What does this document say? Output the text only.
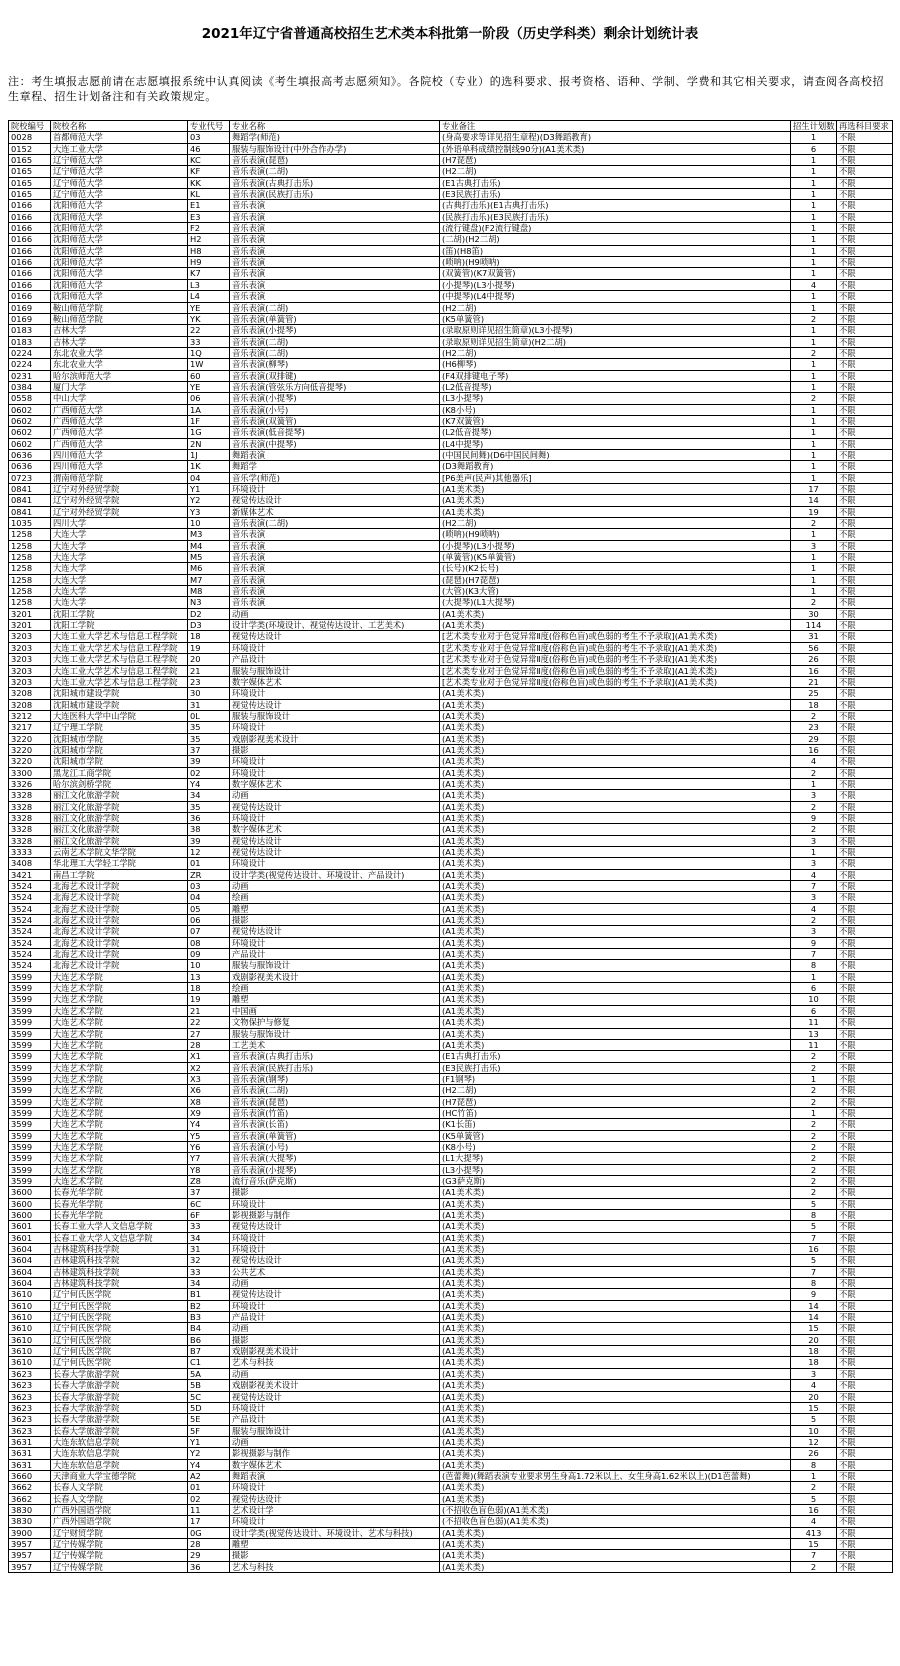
2021年辽宁省普通高校招生艺术类本科批第一阶段（历史学科类）剩余计划统计表
注：考生填报志愿前请在志愿填报系统中认真阅读《考生填报高考志愿须知》。各院校（专业）的选科要求、报考资格、语种、学制、学费和其它相关要求，请查阅各高校招生章程、招生计划备注和有关政策规定。
院校编号	院校名称	专业代号	专业名称	专业备注	招生计划数	再选科目要求
0028	首都师范大学	03	舞蹈学(师范)	(身高要求等详见招生章程)(D3舞蹈教育)	1	不限
0152	大连工业大学	46	服装与服饰设计(中外合作办学)	(外语单科成绩控制线90分)(A1美术类)	6	不限
0165	辽宁师范大学	KC	音乐表演(琵琶)	(H7琵琶)	1	不限
0165	辽宁师范大学	KF	音乐表演(二胡)	(H2二胡)	1	不限
0165	辽宁师范大学	KK	音乐表演(古典打击乐)	(E1古典打击乐)	1	不限
0165	辽宁师范大学	KL	音乐表演(民族打击乐)	(E3民族打击乐)	1	不限
0166	沈阳师范大学	E1	音乐表演	(古典打击乐)(E1古典打击乐)	1	不限
0166	沈阳师范大学	E3	音乐表演	(民族打击乐)(E3民族打击乐)	1	不限
0166	沈阳师范大学	F2	音乐表演	(流行键盘)(F2流行键盘)	1	不限
0166	沈阳师范大学	H2	音乐表演	(二胡)(H2二胡)	1	不限
0166	沈阳师范大学	H8	音乐表演	(笛)(H8笛)	1	不限
0166	沈阳师范大学	H9	音乐表演	(唢呐)(H9唢呐)	1	不限
0166	沈阳师范大学	K7	音乐表演	(双簧管)(K7双簧管)	1	不限
0166	沈阳师范大学	L3	音乐表演	(小提琴)(L3小提琴)	4	不限
0166	沈阳师范大学	L4	音乐表演	(中提琴)(L4中提琴)	1	不限
0169	鞍山师范学院	YE	音乐表演(二胡)	(H2二胡)	1	不限
0169	鞍山师范学院	YK	音乐表演(单簧管)	(K5单簧管)	2	不限
0183	吉林大学	22	音乐表演(小提琴)	(录取原则详见招生简章)(L3小提琴)	1	不限
0183	吉林大学	33	音乐表演(二胡)	(录取原则详见招生简章)(H2二胡)	1	不限
0224	东北农业大学	1Q	音乐表演(二胡)	(H2二胡)	2	不限
0224	东北农业大学	1W	音乐表演(柳琴)	(H6柳琴)	1	不限
0231	哈尔滨师范大学	60	音乐表演(双排键)	(F4双排键电子琴)	1	不限
0384	厦门大学	YE	音乐表演(管弦乐方向低音提琴)	(L2低音提琴)	1	不限
0558	中山大学	06	音乐表演(小提琴)	(L3小提琴)	2	不限
0602	广西师范大学	1A	音乐表演(小号)	(K8小号)	1	不限
0602	广西师范大学	1F	音乐表演(双簧管)	(K7双簧管)	1	不限
0602	广西师范大学	1G	音乐表演(低音提琴)	(L2低音提琴)	1	不限
0602	广西师范大学	2N	音乐表演(中提琴)	(L4中提琴)	1	不限
0636	四川师范大学	1J	舞蹈表演	(中国民间舞)(D6中国民间舞)	1	不限
0636	四川师范大学	1K	舞蹈学	(D3舞蹈教育)	1	不限
0723	渭南师范学院	04	音乐学(师范)	[P6美声(民声)其他器乐]	1	不限
0841	辽宁对外经贸学院	Y1	环境设计	(A1美术类)	17	不限
0841	辽宁对外经贸学院	Y2	视觉传达设计	(A1美术类)	14	不限
0841	辽宁对外经贸学院	Y3	新媒体艺术	(A1美术类)	19	不限
1035	四川大学	10	音乐表演(二胡)	(H2二胡)	2	不限
1258	大连大学	M3	音乐表演	(唢呐)(H9唢呐)	1	不限
1258	大连大学	M4	音乐表演	(小提琴)(L3小提琴)	3	不限
1258	大连大学	M5	音乐表演	(单簧管)(K5单簧管)	1	不限
1258	大连大学	M6	音乐表演	(长号)(K2长号)	1	不限
1258	大连大学	M7	音乐表演	(琵琶)(H7琵琶)	1	不限
1258	大连大学	M8	音乐表演	(大管)(K3大管)	1	不限
1258	大连大学	N3	音乐表演	(大提琴)(L1大提琴)	2	不限
3201	沈阳工学院	D2	动画	(A1美术类)	30	不限
3201	沈阳工学院	D3	设计学类(环境设计、视觉传达设计、工艺美术)	(A1美术类)	114	不限
3203	大连工业大学艺术与信息工程学院	18	视觉传达设计	[艺术类专业对于色觉异常Ⅱ度(俗称色盲)或色弱的考生不予录取](A1美术类)	31	不限
3203	大连工业大学艺术与信息工程学院	19	环境设计	[艺术类专业对于色觉异常Ⅱ度(俗称色盲)或色弱的考生不予录取](A1美术类)	56	不限
3203	大连工业大学艺术与信息工程学院	20	产品设计	[艺术类专业对于色觉异常Ⅱ度(俗称色盲)或色弱的考生不予录取](A1美术类)	26	不限
3203	大连工业大学艺术与信息工程学院	21	服装与服饰设计	[艺术类专业对于色觉异常Ⅱ度(俗称色盲)或色弱的考生不予录取](A1美术类)	16	不限
3203	大连工业大学艺术与信息工程学院	23	数字媒体艺术	[艺术类专业对于色觉异常Ⅱ度(俗称色盲)或色弱的考生不予录取](A1美术类)	21	不限
3208	沈阳城市建设学院	30	环境设计	(A1美术类)	25	不限
3208	沈阳城市建设学院	31	视觉传达设计	(A1美术类)	18	不限
3212	大连医科大学中山学院	0L	服装与服饰设计	(A1美术类)	2	不限
3217	辽宁理工学院	35	环境设计	(A1美术类)	23	不限
3220	沈阳城市学院	35	戏剧影视美术设计	(A1美术类)	29	不限
3220	沈阳城市学院	37	摄影	(A1美术类)	16	不限
3220	沈阳城市学院	39	环境设计	(A1美术类)	4	不限
3300	黑龙江工商学院	02	环境设计	(A1美术类)	2	不限
3326	哈尔滨剑桥学院	Y4	数字媒体艺术	(A1美术类)	1	不限
3328	丽江文化旅游学院	34	动画	(A1美术类)	3	不限
3328	丽江文化旅游学院	35	视觉传达设计	(A1美术类)	2	不限
3328	丽江文化旅游学院	36	环境设计	(A1美术类)	9	不限
3328	丽江文化旅游学院	38	数字媒体艺术	(A1美术类)	2	不限
3328	丽江文化旅游学院	39	视觉传达设计	(A1美术类)	3	不限
3333	云南艺术学院文华学院	12	视觉传达设计	(A1美术类)	1	不限
3408	华北理工大学轻工学院	01	环境设计	(A1美术类)	3	不限
3421	南昌工学院	ZR	设计学类(视觉传达设计、环境设计、产品设计)	(A1美术类)	4	不限
3524	北海艺术设计学院	03	动画	(A1美术类)	7	不限
3524	北海艺术设计学院	04	绘画	(A1美术类)	3	不限
3524	北海艺术设计学院	05	雕塑	(A1美术类)	4	不限
3524	北海艺术设计学院	06	摄影	(A1美术类)	2	不限
3524	北海艺术设计学院	07	视觉传达设计	(A1美术类)	3	不限
3524	北海艺术设计学院	08	环境设计	(A1美术类)	9	不限
3524	北海艺术设计学院	09	产品设计	(A1美术类)	7	不限
3524	北海艺术设计学院	10	服装与服饰设计	(A1美术类)	8	不限
3599	大连艺术学院	13	戏剧影视美术设计	(A1美术类)	1	不限
3599	大连艺术学院	18	绘画	(A1美术类)	6	不限
3599	大连艺术学院	19	雕塑	(A1美术类)	10	不限
3599	大连艺术学院	21	中国画	(A1美术类)	6	不限
3599	大连艺术学院	22	文物保护与修复	(A1美术类)	11	不限
3599	大连艺术学院	27	服装与服饰设计	(A1美术类)	13	不限
3599	大连艺术学院	28	工艺美术	(A1美术类)	11	不限
3599	大连艺术学院	X1	音乐表演(古典打击乐)	(E1古典打击乐)	2	不限
3599	大连艺术学院	X2	音乐表演(民族打击乐)	(E3民族打击乐)	2	不限
3599	大连艺术学院	X3	音乐表演(钢琴)	(F1钢琴)	1	不限
3599	大连艺术学院	X6	音乐表演(二胡)	(H2二胡)	2	不限
3599	大连艺术学院	X8	音乐表演(琵琶)	(H7琵琶)	2	不限
3599	大连艺术学院	X9	音乐表演(竹笛)	(HC竹笛)	1	不限
3599	大连艺术学院	Y4	音乐表演(长笛)	(K1长笛)	2	不限
3599	大连艺术学院	Y5	音乐表演(单簧管)	(K5单簧管)	2	不限
3599	大连艺术学院	Y6	音乐表演(小号)	(K8小号)	2	不限
3599	大连艺术学院	Y7	音乐表演(大提琴)	(L1大提琴)	2	不限
3599	大连艺术学院	Y8	音乐表演(小提琴)	(L3小提琴)	2	不限
3599	大连艺术学院	Z8	流行音乐(萨克斯)	(G3萨克斯)	2	不限
3600	长春光华学院	37	摄影	(A1美术类)	2	不限
3600	长春光华学院	6C	环境设计	(A1美术类)	5	不限
3600	长春光华学院	6F	影视摄影与制作	(A1美术类)	8	不限
3601	长春工业大学人文信息学院	33	视觉传达设计	(A1美术类)	5	不限
3601	长春工业大学人文信息学院	34	环境设计	(A1美术类)	7	不限
3604	吉林建筑科技学院	31	环境设计	(A1美术类)	16	不限
3604	吉林建筑科技学院	32	视觉传达设计	(A1美术类)	5	不限
3604	吉林建筑科技学院	33	公共艺术	(A1美术类)	7	不限
3604	吉林建筑科技学院	34	动画	(A1美术类)	8	不限
3610	辽宁何氏医学院	B1	视觉传达设计	(A1美术类)	9	不限
3610	辽宁何氏医学院	B2	环境设计	(A1美术类)	14	不限
3610	辽宁何氏医学院	B3	产品设计	(A1美术类)	14	不限
3610	辽宁何氏医学院	B4	动画	(A1美术类)	15	不限
3610	辽宁何氏医学院	B6	摄影	(A1美术类)	20	不限
3610	辽宁何氏医学院	B7	戏剧影视美术设计	(A1美术类)	18	不限
3610	辽宁何氏医学院	C1	艺术与科技	(A1美术类)	18	不限
3623	长春大学旅游学院	5A	动画	(A1美术类)	3	不限
3623	长春大学旅游学院	5B	戏剧影视美术设计	(A1美术类)	4	不限
3623	长春大学旅游学院	5C	视觉传达设计	(A1美术类)	20	不限
3623	长春大学旅游学院	5D	环境设计	(A1美术类)	15	不限
3623	长春大学旅游学院	5E	产品设计	(A1美术类)	5	不限
3623	长春大学旅游学院	5F	服装与服饰设计	(A1美术类)	10	不限
3631	大连东软信息学院	Y1	动画	(A1美术类)	12	不限
3631	大连东软信息学院	Y2	影视摄影与制作	(A1美术类)	26	不限
3631	大连东软信息学院	Y4	数字媒体艺术	(A1美术类)	8	不限
3660	天津商业大学宝德学院	A2	舞蹈表演	(芭蕾舞)(舞蹈表演专业要求男生身高1.72米以上、女生身高1.62米以上)(D1芭蕾舞)	1	不限
3662	长春人文学院	01	环境设计	(A1美术类)	2	不限
3662	长春人文学院	02	视觉传达设计	(A1美术类)	5	不限
3830	广西外国语学院	11	艺术设计学	(不招收色盲色弱)(A1美术类)	16	不限
3830	广西外国语学院	17	环境设计	(不招收色盲色弱)(A1美术类)	4	不限
3900	辽宁财贸学院	0G	设计学类(视觉传达设计、环境设计、艺术与科技)	(A1美术类)	413	不限
3957	辽宁传媒学院	28	雕塑	(A1美术类)	15	不限
3957	辽宁传媒学院	29	摄影	(A1美术类)	7	不限
3957	辽宁传媒学院	36	艺术与科技	(A1美术类)	2	不限
